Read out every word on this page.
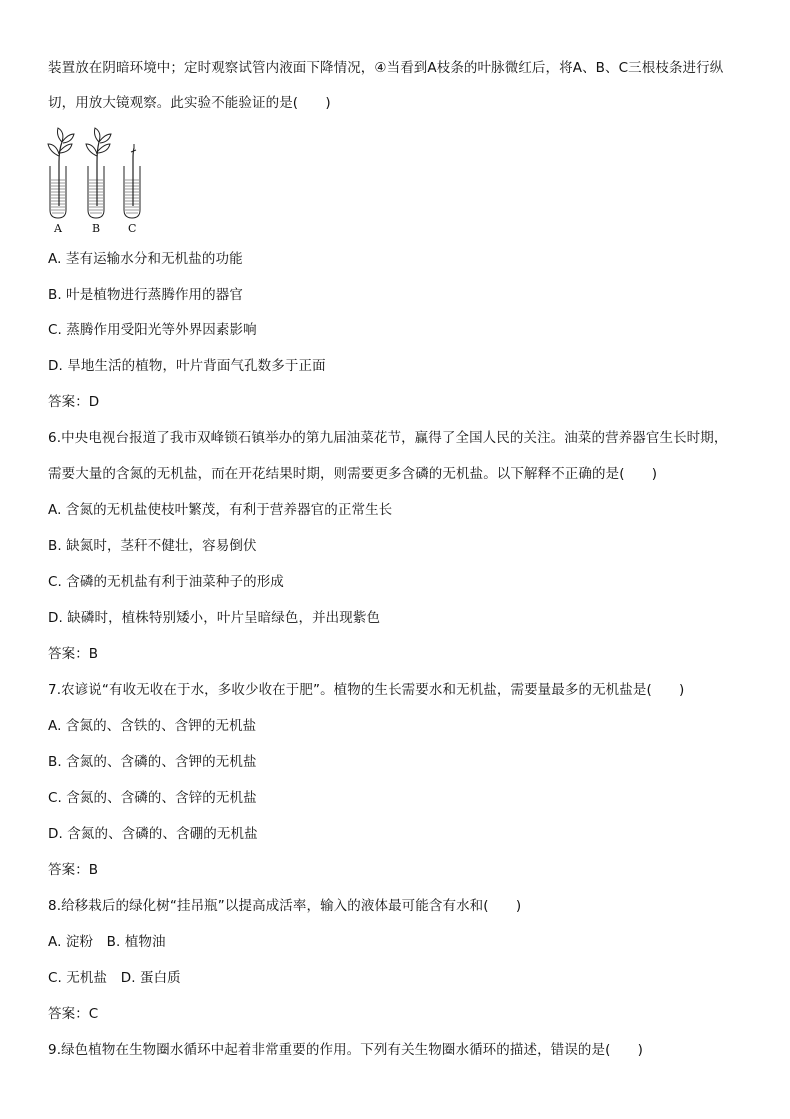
装置放在阴暗环境中；定时观察试管内液面下降情况，④当看到A枝条的叶脉微红后，将A、B、C三根枝条进行纵
切，用放大镜观察。此实验不能验证的是(　　)
A	B	C
A. 茎有运输水分和无机盐的功能
B. 叶是植物进行蒸腾作用的器官
C. 蒸腾作用受阳光等外界因素影响
D. 旱地生活的植物，叶片背面气孔数多于正面
答案：D
6.中央电视台报道了我市双峰锁石镇举办的第九届油菜花节，赢得了全国人民的关注。油菜的营养器官生长时期，
需要大量的含氮的无机盐，而在开花结果时期，则需要更多含磷的无机盐。以下解释不正确的是(　　)
A. 含氮的无机盐使枝叶繁茂，有利于营养器官的正常生长
B. 缺氮时，茎秆不健壮，容易倒伏
C. 含磷的无机盐有利于油菜种子的形成
D. 缺磷时，植株特别矮小，叶片呈暗绿色，并出现紫色
答案：B
7.农谚说“有收无收在于水，多收少收在于肥”。植物的生长需要水和无机盐，需要量最多的无机盐是(　　)
A. 含氮的、含铁的、含钾的无机盐
B. 含氮的、含磷的、含钾的无机盐
C. 含氮的、含磷的、含锌的无机盐
D. 含氮的、含磷的、含硼的无机盐
答案：B
8.给移栽后的绿化树“挂吊瓶”以提高成活率，输入的液体最可能含有水和(　　)
A. 淀粉　B. 植物油
C. 无机盐　D. 蛋白质
答案：C
9.绿色植物在生物圈水循环中起着非常重要的作用。下列有关生物圈水循环的描述，错误的是(　　)
